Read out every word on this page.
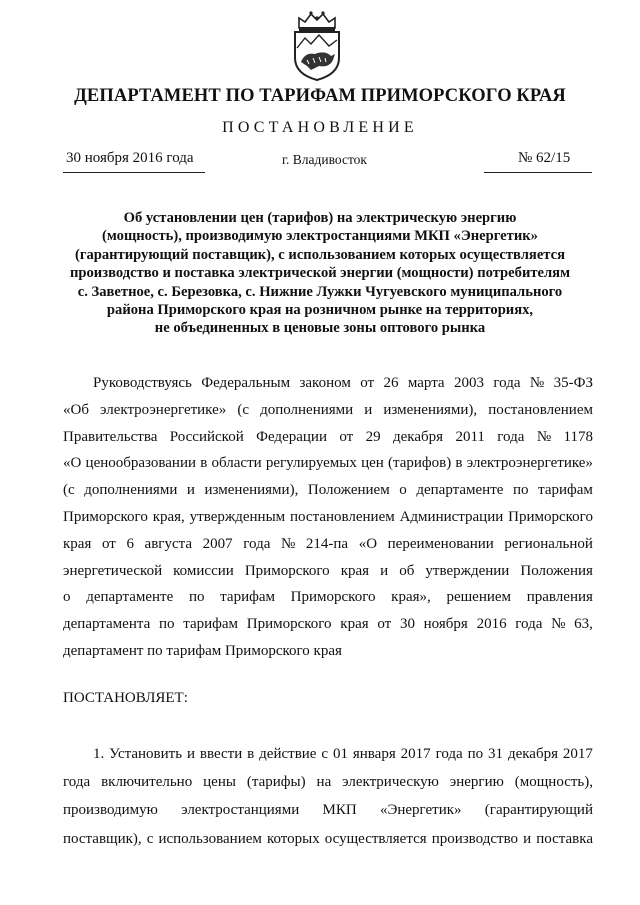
ДЕПАРТАМЕНТ ПО ТАРИФАМ ПРИМОРСКОГО КРАЯ
ПОСТАНОВЛЕНИЕ
30 ноября 2016 года	г. Владивосток	№ 62/15
Об установлении цен (тарифов) на электрическую энергию
(мощность), производимую электростанциями МКП «Энергетик»
(гарантирующий поставщик), с использованием которых осуществляется
производство и поставка электрической энергии (мощности) потребителям
с. Заветное, с. Березовка, с. Нижние Лужки Чугуевского муниципального
района Приморского края на розничном рынке на территориях,
не объединенных в ценовые зоны оптового рынка
Руководствуясь Федеральным законом от 26 марта 2003 года № 35-ФЗ
«Об электроэнергетике» (с дополнениями и изменениями), постановлением
Правительства Российской Федерации от 29 декабря 2011 года № 1178
«О ценообразовании в области регулируемых цен (тарифов) в электроэнергетике»
(с дополнениями и изменениями), Положением о департаменте по тарифам
Приморского края, утвержденным постановлением Администрации Приморского
края от 6 августа 2007 года № 214-па «О переименовании региональной
энергетической комиссии Приморского края и об утверждении Положения
о департаменте по тарифам Приморского края», решением правления
департамента по тарифам Приморского края от 30 ноября 2016 года № 63,
департамент по тарифам Приморского края
ПОСТАНОВЛЯЕТ:
1. Установить и ввести в действие с 01 января 2017 года по 31 декабря 2017
года включительно цены (тарифы) на электрическую энергию (мощность),
производимую электростанциями МКП «Энергетик» (гарантирующий
поставщик), с использованием которых осуществляется производство и поставка
